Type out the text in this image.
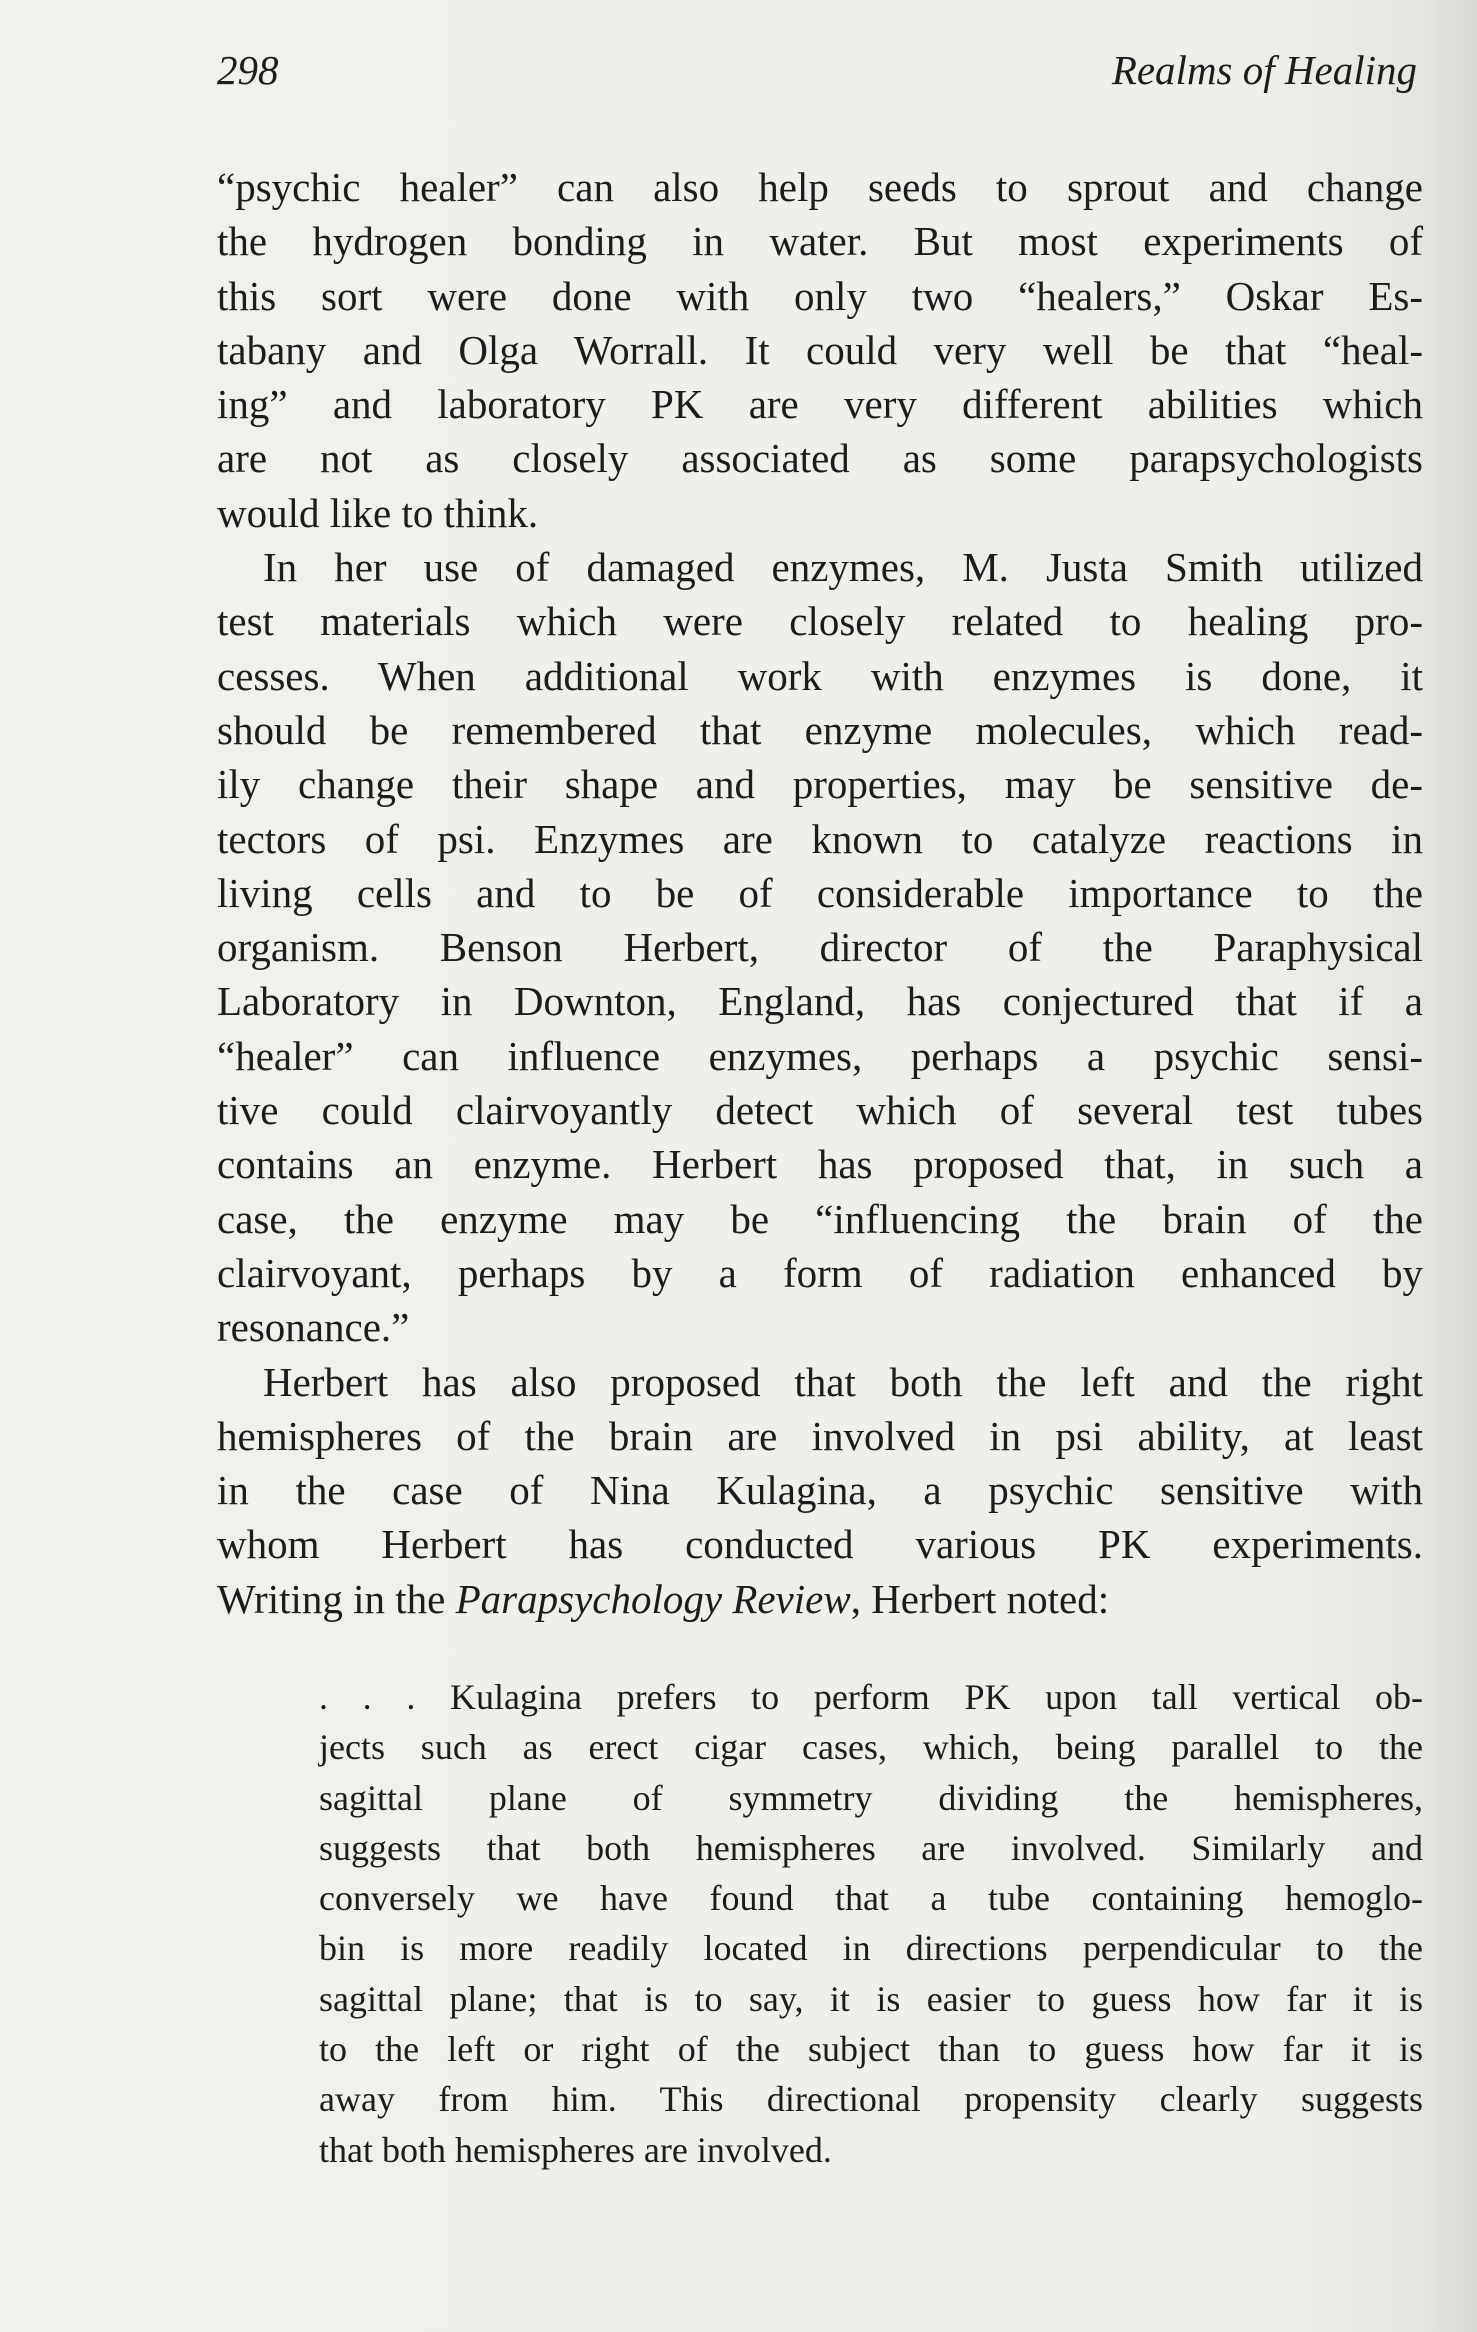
298	Realms of Healing
“psychic healer” can also help seeds to sprout and change
the hydrogen bonding in water. But most experiments of
this sort were done with only two “healers,” Oskar Es-
tabany and Olga Worrall. It could very well be that “heal-
ing” and laboratory PK are very different abilities which
are not as closely associated as some parapsychologists
would like to think.
In her use of damaged enzymes, M. Justa Smith utilized
test materials which were closely related to healing pro-
cesses. When additional work with enzymes is done, it
should be remembered that enzyme molecules, which read-
ily change their shape and properties, may be sensitive de-
tectors of psi. Enzymes are known to catalyze reactions in
living cells and to be of considerable importance to the
organism. Benson Herbert, director of the Paraphysical
Laboratory in Downton, England, has conjectured that if a
“healer” can influence enzymes, perhaps a psychic sensi-
tive could clairvoyantly detect which of several test tubes
contains an enzyme. Herbert has proposed that, in such a
case, the enzyme may be “influencing the brain of the
clairvoyant, perhaps by a form of radiation enhanced by
resonance.”
Herbert has also proposed that both the left and the right
hemispheres of the brain are involved in psi ability, at least
in the case of Nina Kulagina, a psychic sensitive with
whom Herbert has conducted various PK experiments.
Writing in the Parapsychology Review, Herbert noted:
. . . Kulagina prefers to perform PK upon tall vertical ob-
jects such as erect cigar cases, which, being parallel to the
sagittal plane of symmetry dividing the hemispheres,
suggests that both hemispheres are involved. Similarly and
conversely we have found that a tube containing hemoglo-
bin is more readily located in directions perpendicular to the
sagittal plane; that is to say, it is easier to guess how far it is
to the left or right of the subject than to guess how far it is
away from him. This directional propensity clearly suggests
that both hemispheres are involved.
